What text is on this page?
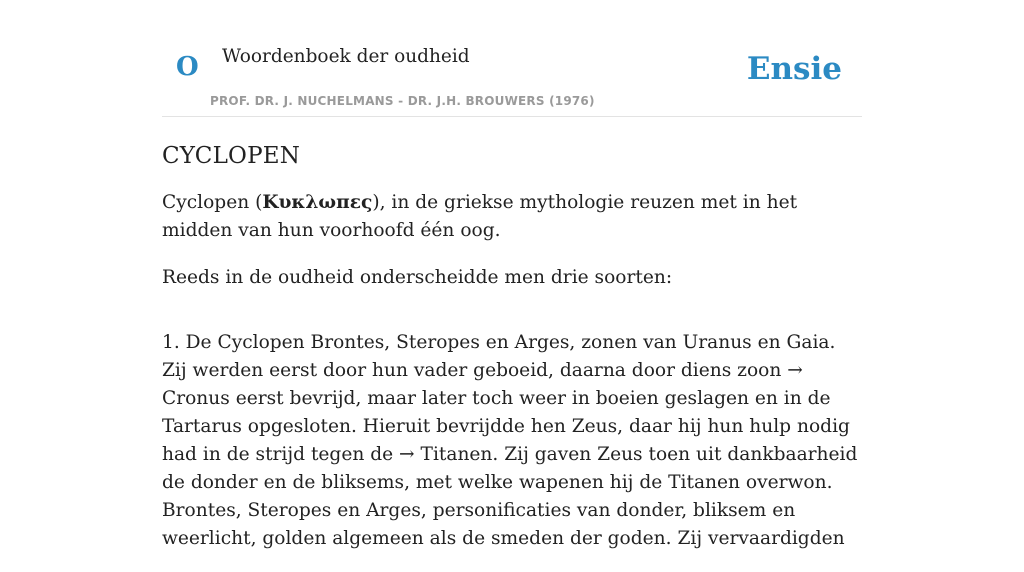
O Woordenboek der oudheid
PROF. DR. J. NUCHELMANS - DR. J.H. BROUWERS (1976)
Ensie
CYCLOPEN

Cyclopen (Κυκλωπες), in de griekse mythologie reuzen met in het midden van hun voorhoofd één oog.

Reeds in de oudheid onderscheidde men drie soorten:

1. De Cyclopen Brontes, Steropes en Arges, zonen van Uranus en Gaia. Zij werden eerst door hun vader geboeid, daarna door diens zoon → Cronus eerst bevrijd, maar later toch weer in boeien geslagen en in de Tartarus opgesloten. Hieruit bevrijdde hen Zeus, daar hij hun hulp nodig had in de strijd tegen de → Titanen. Zij gaven Zeus toen uit dankbaarheid de donder en de bliksems, met welke wapenen hij de Titanen overwon. Brontes, Steropes en Arges, personificaties van donder, bliksem en weerlicht, golden algemeen als de smeden der goden. Zij vervaardigden
